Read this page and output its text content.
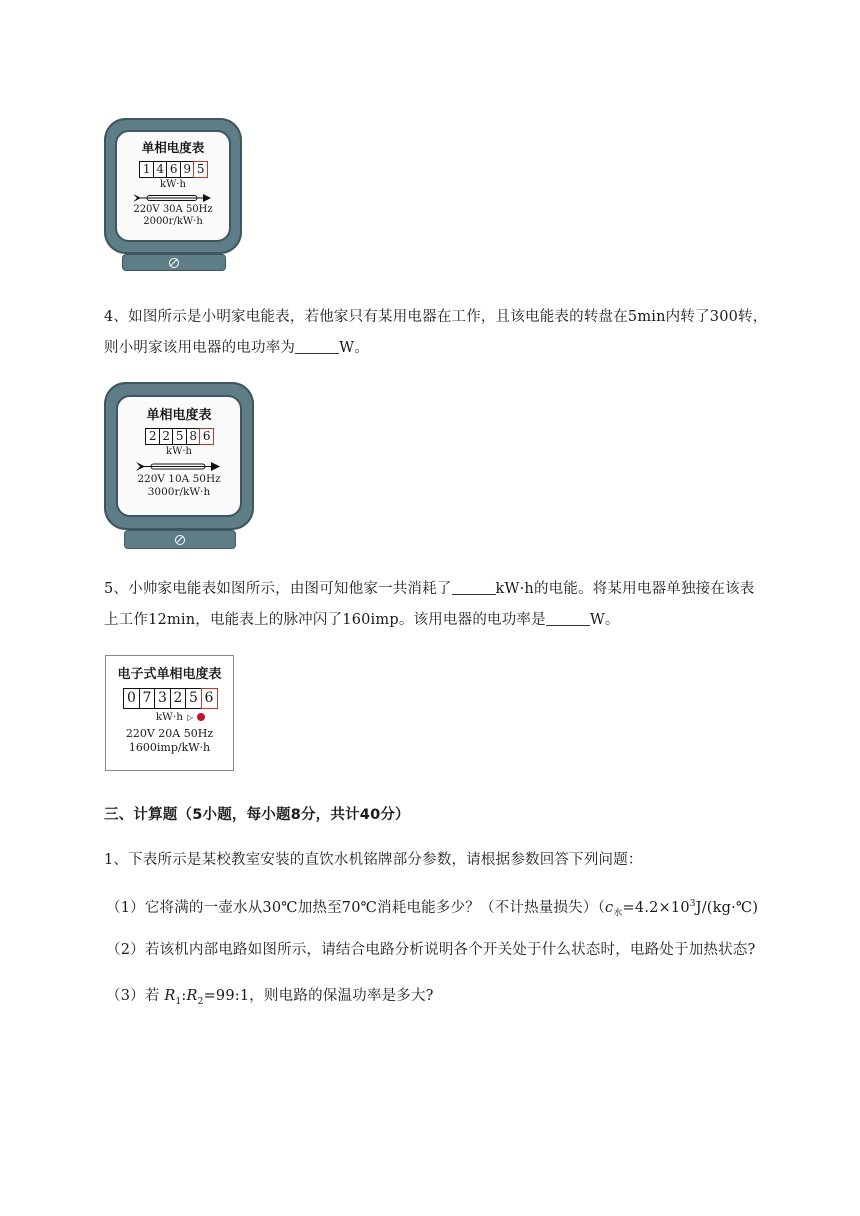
单相电度表
1 4 6 9 5
kW·h
220V 30A 50Hz
2000r/kW·h
4、如图所示是小明家电能表，若他家只有某用电器在工作，且该电能表的转盘在5min内转了300转，
则小明家该用电器的电功率为	W。
单相电度表
2 2 5 8 6
kW·h
220V 10A 50Hz
3000r/kW·h
5、小帅家电能表如图所示，由图可知他家一共消耗了	kW·h的电能。将某用电器单独接在该表
上工作12min，电能表上的脉冲闪了160imp。该用电器的电功率是	W。
电子式单相电度表
0 7 3 2 5 6
kW·h ▷
220V 20A 50Hz
1600imp/kW·h
三、计算题（5小题，每小题8分，共计40分）
1、下表所示是某校教室安装的直饮水机铭牌部分参数，请根据参数回答下列问题：
（1）它将满的一壶水从30℃加热至70℃消耗电能多少？（不计热量损失）（$c_水=4.2\times 10^3J/(kg\cdot℃)$
（2）若该机内部电路如图所示，请结合电路分析说明各个开关处于什么状态时，电路处于加热状态?
（3）若 $R_1:R_2=99:1$，则电路的保温功率是多大?
